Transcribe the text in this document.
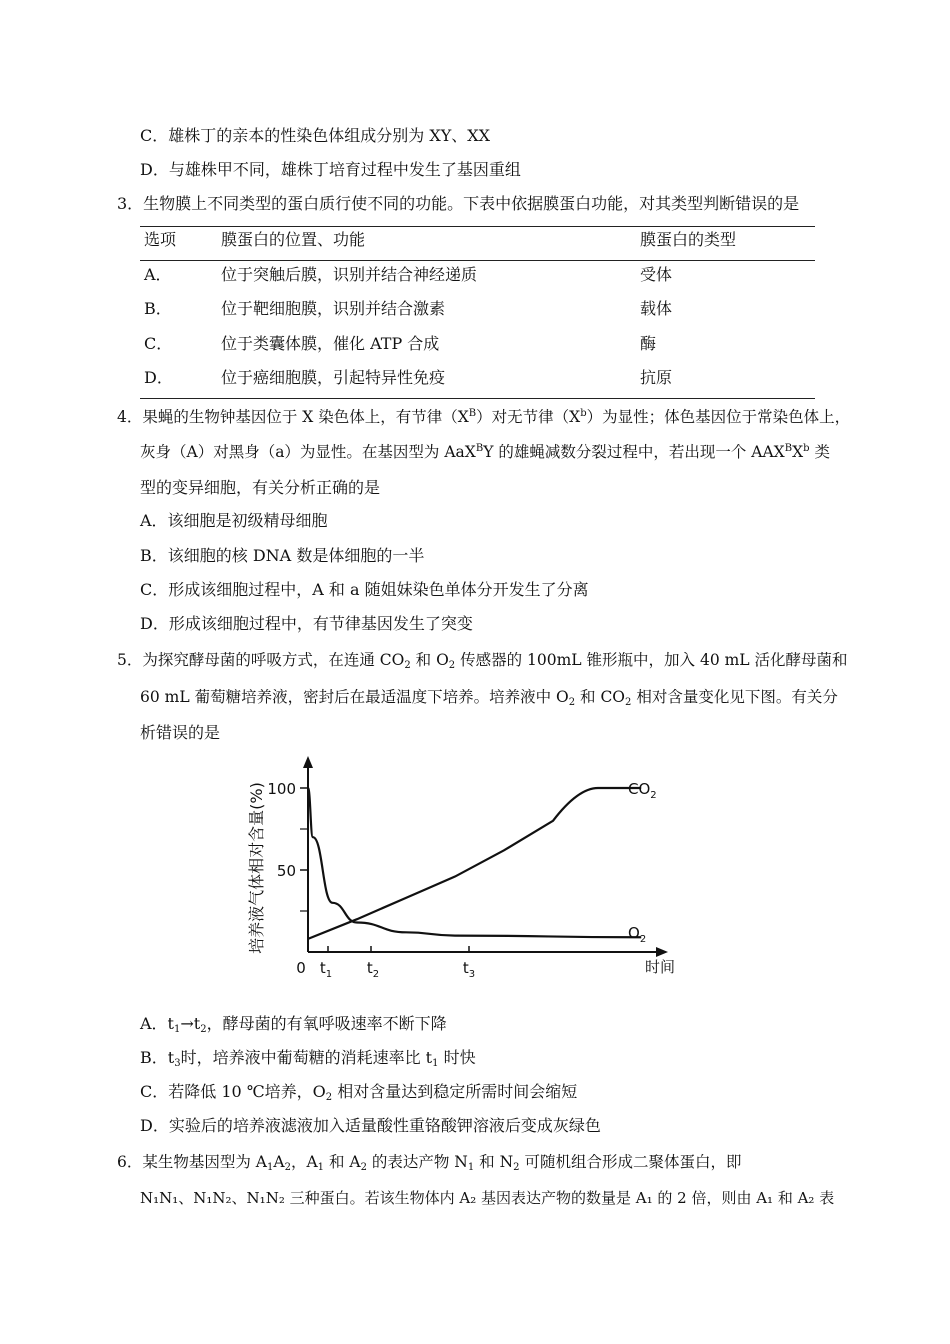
C．雄株丁的亲本的性染色体组成分别为 XY、XX
D．与雄株甲不同，雄株丁培育过程中发生了基因重组
3．生物膜上不同类型的蛋白质行使不同的功能。下表中依据膜蛋白功能，对其类型判断错误的是
选项	膜蛋白的位置、功能	膜蛋白的类型
A．	位于突触后膜，识别并结合神经递质	受体
B．	位于靶细胞膜，识别并结合激素	载体
C．	位于类囊体膜，催化 ATP 合成	酶
D．	位于癌细胞膜，引起特异性免疫	抗原
4．果蝇的生物钟基因位于 X 染色体上，有节律$(X^B)$对无节律$(X^b)$为显性；体色基因位于常染色体上，
灰身（A）对黑身（a）为显性。在基因型为 AaX$^B$Y 的雄蝇减数分裂过程中，若出现一个 $AAX^BX^b$ 类
型的变异细胞，有关分析正确的是
A．该细胞是初级精母细胞
B．该细胞的核 DNA 数是体细胞的一半
C．形成该细胞过程中，A 和 a 随姐妹染色单体分开发生了分离
D．形成该细胞过程中，有节律基因发生了突变
5．为探究酵母菌的呼吸方式，在连通 $CO_2$ 和 $O_2$ 传感器的 100mL 锥形瓶中，加入 40 mL 活化酵母菌和
60 mL 葡萄糖培养液，密封后在最适温度下培养。培养液中 $O_2$ 和 $CO_2$ 相对含量变化见下图。有关分
析错误的是
培养液气体相对含量(%) 100
50
0 $t_1$ $t_2$	$t_3$	时间
$CO_2$
$O_2$
A．$t_1\to t_2$，酵母菌的有氧呼吸速率不断下降
B．$t_3$时，培养液中葡萄糖的消耗速率比 $t_1$ 时快
C．若降低 10 ℃培养，$O_2$ 相对含量达到稳定所需时间会缩短
D．实验后的培养液滤液加入适量酸性重铬酸钾溶液后变成灰绿色
6．某生物基因型为 $A_1A_2$，$A_1$ 和 $A_2$ 的表达产物 $N_1$ 和 $N_2$ 可随机组合形成二聚体蛋白，即
N₁N₁、N₁N₂、N₁N₂ 三种蛋白。若该生物体内 A₂ 基因表达产物的数量是 A₁ 的 2 倍，则由 A₁ 和 A₂ 表
